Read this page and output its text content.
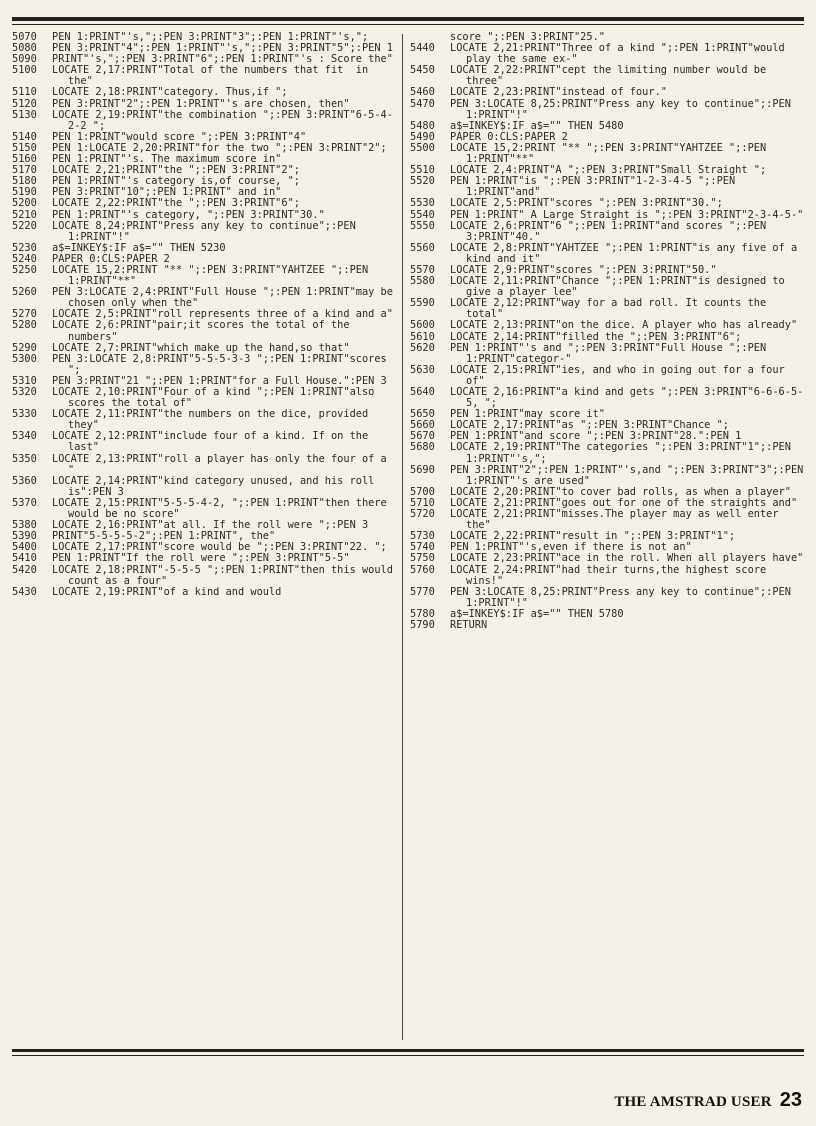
5070 PEN 1:PRINT"'s,";:PEN 3:PRINT"3";:PEN 1:PRINT"'s,";

5080 PEN 3:PRINT"4";:PEN 1:PRINT"'s,";:PEN 3:PRINT"5";:PEN 1

5090 PRINT"'s,";:PEN 3:PRINT"6";:PEN 1:PRINT"'s : Score the"

5100 LOCATE 2,17:PRINT"Total of the numbers that fit  in the"

5110 LOCATE 2,18:PRINT"category. Thus,if ";

5120 PEN 3:PRINT"2";:PEN 1:PRINT"'s are chosen, then"

5130 LOCATE 2,19:PRINT"the combination ";:PEN 3:PRINT"6-5-4-2-2 ";

5140 PEN 1:PRINT"would score ";:PEN 3:PRINT"4"

5150 PEN 1:LOCATE 2,20:PRINT"for the two ";:PEN 3:PRINT"2";

5160 PEN 1:PRINT"'s. The maximum score in"

5170 LOCATE 2,21:PRINT"the ";:PEN 3:PRINT"2";

5180 PEN 1:PRINT"'s category is,of course, ";

5190 PEN 3:PRINT"10";:PEN 1:PRINT" and in"

5200 LOCATE 2,22:PRINT"the ";:PEN 3:PRINT"6";

5210 PEN 1:PRINT"'s category, ";:PEN 3:PRINT"30."

5220 LOCATE 8,24:PRINT"Press any key to continue";:PEN 1:PRINT"!"

5230 a$=INKEY$:IF a$="" THEN 5230

5240 PAPER 0:CLS:PAPER 2

5250 LOCATE 15,2:PRINT "** ";:PEN 3:PRINT"YAHTZEE ";:PEN 1:PRINT"**"

5260 PEN 3:LOCATE 2,4:PRINT"Full House ";:PEN 1:PRINT"may be chosen only when the"

5270 LOCATE 2,5:PRINT"roll represents three of a kind and a"

5280 LOCATE 2,6:PRINT"pair;it scores the total of the numbers"

5290 LOCATE 2,7:PRINT"which make up the hand,so that"

5300 PEN 3:LOCATE 2,8:PRINT"5-5-5-3-3 ";:PEN 1:PRINT"scores ";

5310 PEN 3:PRINT"21 ";:PEN 1:PRINT"for a Full House.":PEN 3

5320 LOCATE 2,10:PRINT"Four of a kind ";:PEN 1:PRINT"also scores the total of"

5330 LOCATE 2,11:PRINT"the numbers on the dice, provided they"

5340 LOCATE 2,12:PRINT"include four of a kind. If on the last"

5350 LOCATE 2,13:PRINT"roll a player has only the four of a "

5360 LOCATE 2,14:PRINT"kind category unused, and his roll is":PEN 3

5370 LOCATE 2,15:PRINT"5-5-5-4-2, ";:PEN 1:PRINT"then there would be no score"

5380 LOCATE 2,16:PRINT"at all. If the roll were ";:PEN 3

5390 PRINT"5-5-5-5-2";:PEN 1:PRINT", the"

5400 LOCATE 2,17:PRINT"score would be ";:PEN 3:PRINT"22. ";

5410 PEN 1:PRINT"If the roll were ";:PEN 3:PRINT"5-5"

5420 LOCATE 2,18:PRINT"-5-5-5 ";:PEN 1:PRINT"then this would count as a four"

5430 LOCATE 2,19:PRINT"of a kind and would

score ";:PEN 3:PRINT"25."

5440 LOCATE 2,21:PRINT"Three of a kind ";:PEN 1:PRINT"would play the same ex-"

5450 LOCATE 2,22:PRINT"cept the limiting number would be three"

5460 LOCATE 2,23:PRINT"instead of four."

5470 PEN 3:LOCATE 8,25:PRINT"Press any key to continue";:PEN 1:PRINT"!"

5480 a$=INKEY$:IF a$="" THEN 5480

5490 PAPER 0:CLS:PAPER 2

5500 LOCATE 15,2:PRINT "** ";:PEN 3:PRINT"YAHTZEE ";:PEN 1:PRINT"**"

5510 LOCATE 2,4:PRINT"A ";:PEN 3:PRINT"Small Straight ";

5520 PEN 1:PRINT"is ";:PEN 3:PRINT"1-2-3-4-5 ";:PEN 1:PRINT"and"

5530 LOCATE 2,5:PRINT"scores ";:PEN 3:PRINT"30.";

5540 PEN 1:PRINT" A Large Straight is ";:PEN 3:PRINT"2-3-4-5-"

5550 LOCATE 2,6:PRINT"6 ";:PEN 1:PRINT"and scores ";:PEN 3:PRINT"40."

5560 LOCATE 2,8:PRINT"YAHTZEE ";:PEN 1:PRINT"is any five of a kind and it"

5570 LOCATE 2,9:PRINT"scores ";:PEN 3:PRINT"50."

5580 LOCATE 2,11:PRINT"Chance ";:PEN 1:PRINT"is designed to give a player lee"

5590 LOCATE 2,12:PRINT"way for a bad roll. It counts the total"

5600 LOCATE 2,13:PRINT"on the dice. A player who has already"

5610 LOCATE 2,14:PRINT"filled the ";:PEN 3:PRINT"6";

5620 PEN 1:PRINT"'s and ";:PEN 3:PRINT"Full House ";:PEN 1:PRINT"categor-"

5630 LOCATE 2,15:PRINT"ies, and who in going out for a four of"

5640 LOCATE 2,16:PRINT"a kind and gets ";:PEN 3:PRINT"6-6-6-5-5, ";

5650 PEN 1:PRINT"may score it"

5660 LOCATE 2,17:PRINT"as ";:PEN 3:PRINT"Chance ";

5670 PEN 1:PRINT"and score ";:PEN 3:PRINT"28.":PEN 1

5680 LOCATE 2,19:PRINT"The categories ";:PEN 3:PRINT"1";:PEN 1:PRINT"'s,";

5690 PEN 3:PRINT"2";:PEN 1:PRINT"'s,and ";:PEN 3:PRINT"3";:PEN 1:PRINT"'s are used"

5700 LOCATE 2,20:PRINT"to cover bad rolls, as when a player"

5710 LOCATE 2,21:PRINT"goes out for one of the straights and"

5720 LOCATE 2,21:PRINT"misses.The player may as well enter the"

5730 LOCATE 2,22:PRINT"result in ";:PEN 3:PRINT"1";

5740 PEN 1:PRINT"'s,even if there is not an"

5750 LOCATE 2,23:PRINT"ace in the roll. When all players have"

5760 LOCATE 2,24:PRINT"had their turns,the highest score wins!"

5770 PEN 3:LOCATE 8,25:PRINT"Press any key to continue";:PEN 1:PRINT"!"

5780 a$=INKEY$:IF a$="" THEN 5780

5790 RETURN

THE AMSTRAD USER 23
